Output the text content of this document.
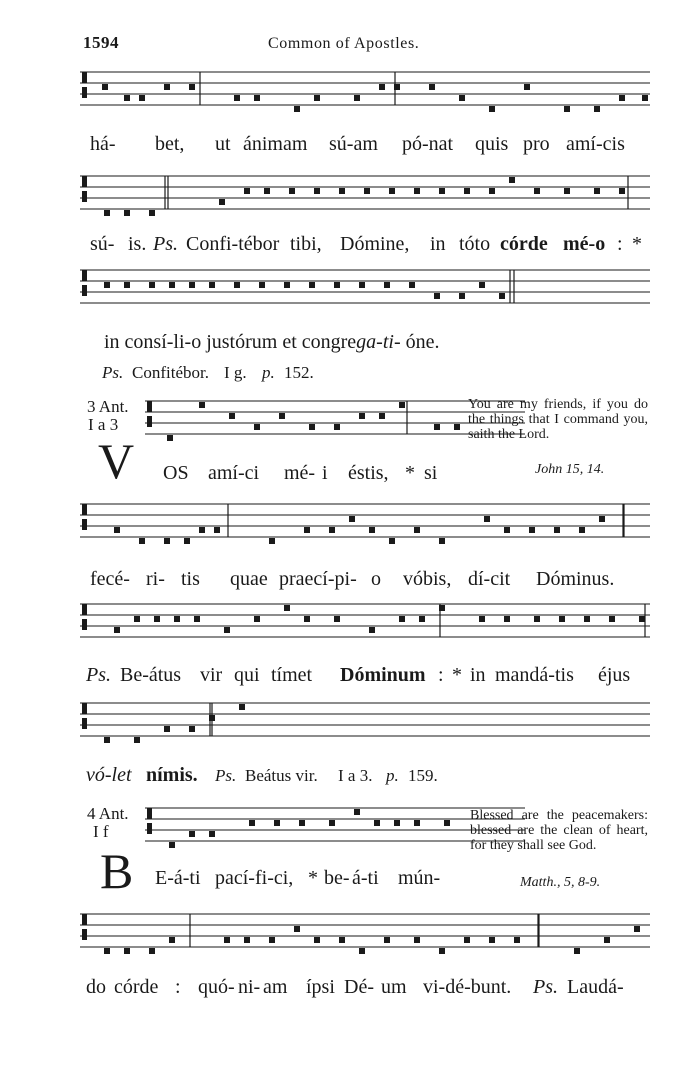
1594	Common of Apostles.
há- bet, ut ánimam sú-am pó-nat quis pro amí-cis
sú- is. Ps. Confi-tébor tibi, Dómine, in tóto córde mé-o : *
in consí-li-o justórum et congrega-ti- óne.
Ps. Confitébor. I g. p. 152.
3 Ant.
I a 3
V
You are my friends, if you do the things that I command you, saith the Lord.
John 15, 14.
OS amí-ci mé- i éstis, * si
fecé- ri- tis quae praecí-pi- o vóbis, dí-cit Dóminus.
Ps. Be-átus vir qui tímet Dóminum : * in mandá-tis éjus
vó-let nímis. Ps. Beátus vir. I a 3. p. 159.
4 Ant.
I f
B
Blessed are the peacemakers: blessed are the clean of heart, for they shall see God.
Matth., 5, 8-9.
E-á-ti pací-fi-ci, * be- á-ti mún-
do córde : quó- ni- am ípsi Dé- um vi-dé-bunt. Ps. Laudá-
